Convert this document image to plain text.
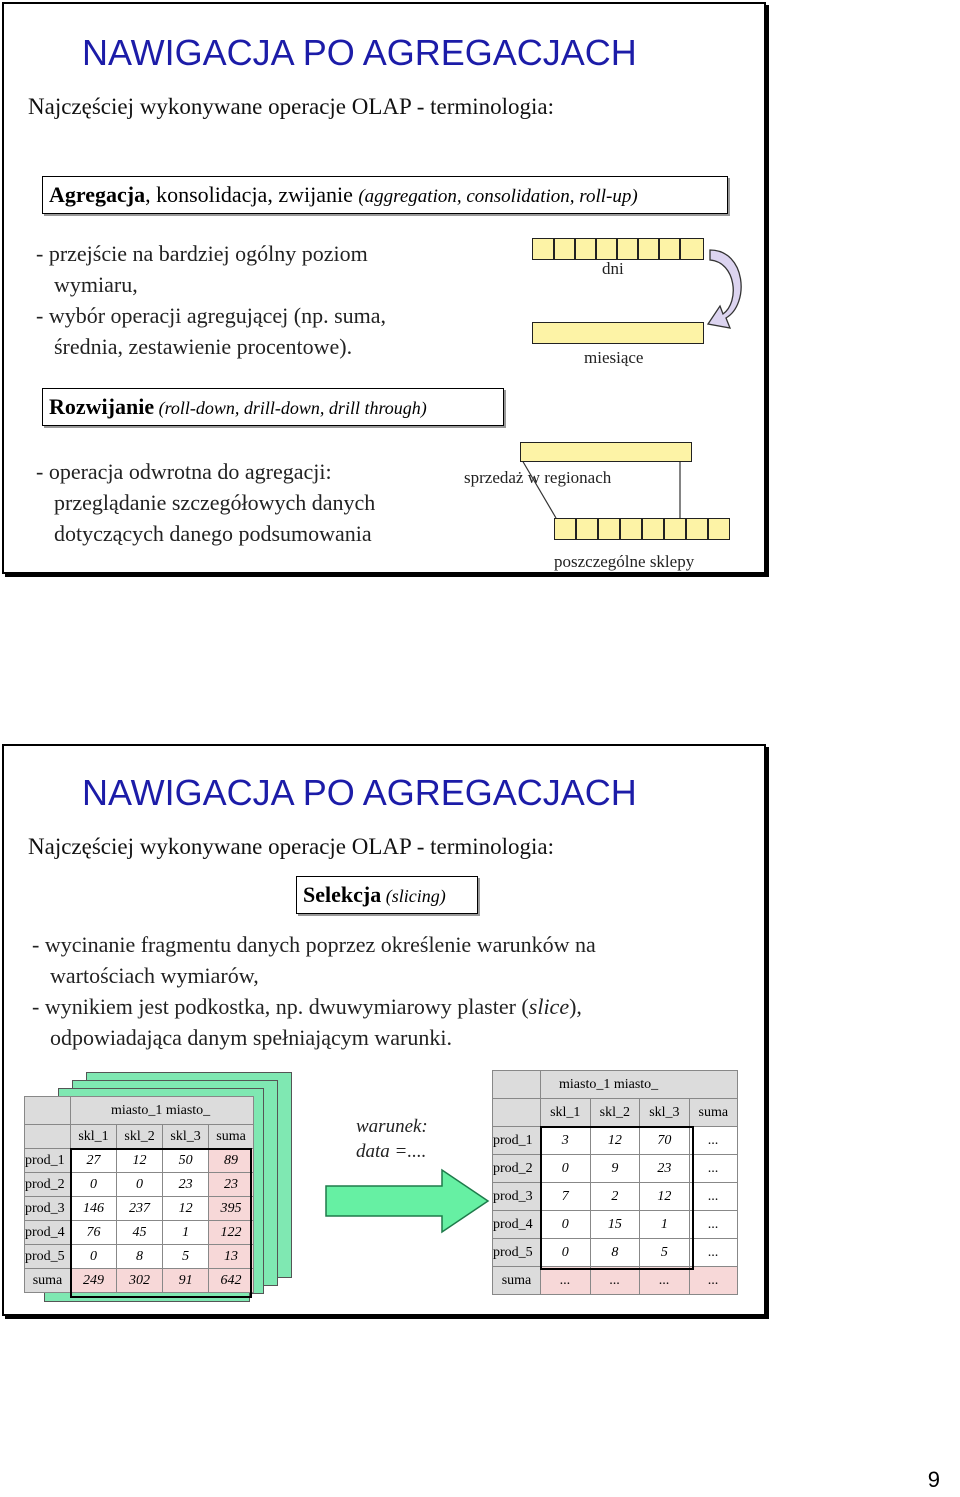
NAWIGACJA PO AGREGACJACH
Najczęściej wykonywane operacje OLAP - terminologia:
Agregacja, konsolidacja, zwijanie (aggregation, consolidation, roll-up)
- przejście na bardziej ogólny poziom
wymiaru,
- wybór operacji agregującej (np. suma,
średnia, zestawienie procentowe).
dni
miesiące
Rozwijanie (roll-down, drill-down, drill through)
- operacja odwrotna do agregacji:
przeglądanie szczegółowych danych
dotyczących danego podsumowania
sprzedaż w regionach
poszczególne sklepy
NAWIGACJA PO AGREGACJACH
Najczęściej wykonywane operacje OLAP - terminologia:
Selekcja (slicing)
- wycinanie fragmentu danych poprzez określenie warunków na
wartościach wymiarów,
- wynikiem jest podkostka, np. dwuwymiarowy plaster (slice),
odpowiadająca danym spełniającym warunki.
	miasto_1 miasto_			
	skl_1	skl_2	skl_3	suma
prod_1	27	12	50	89
prod_2	0	0	23	23
prod_3	146	237	12	395
prod_4	76	45	1	122
prod_5	0	8	5	13
suma	249	302	91	642
warunek:
data =....
	miasto_1 miasto_			
	skl_1	skl_2	skl_3	suma
prod_1	3	12	70	...
prod_2	0	9	23	...
prod_3	7	2	12	...
prod_4	0	15	1	...
prod_5	0	8	5	...
suma	...	...	...	...
9
